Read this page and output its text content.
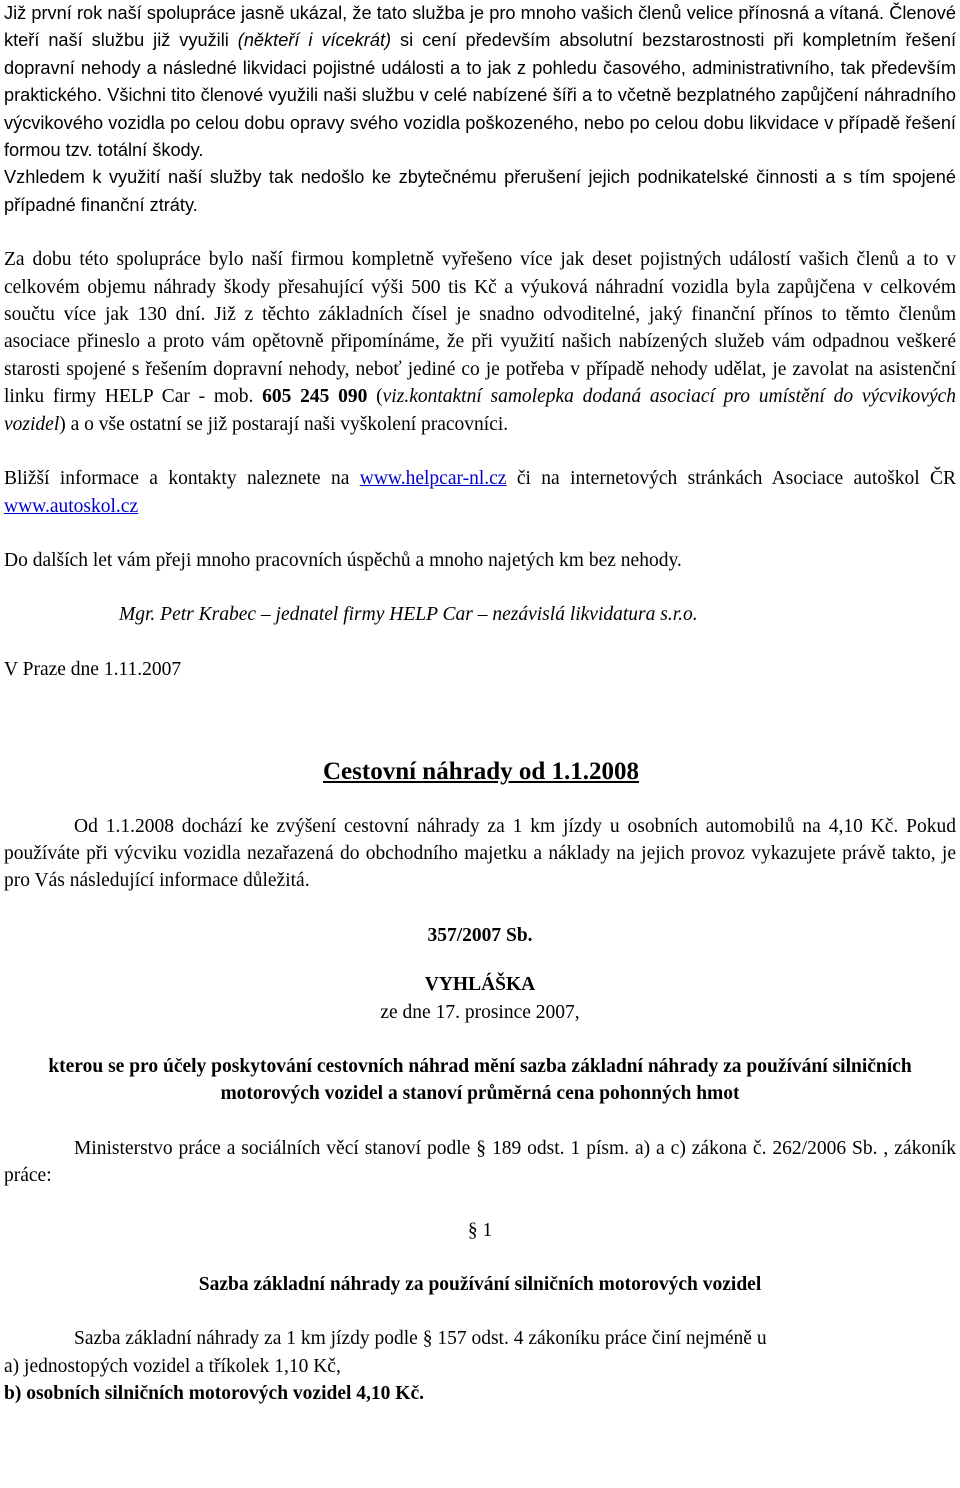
Již první rok naší spolupráce jasně ukázal, že tato služba je pro mnoho vašich členů velice přínosná a vítaná. Členové kteří naší službu již využili (někteří i vícekrát) si cení především absolutní bezstarostnosti při kompletním řešení dopravní nehody a následné likvidaci pojistné události a to jak z pohledu časového, administrativního, tak především praktického. Všichni tito členové využili naši službu v celé nabízené šíři a to včetně bezplatného zapůjčení náhradního výcvikového vozidla po celou dobu opravy svého vozidla poškozeného, nebo po celou dobu likvidace v případě řešení formou tzv. totální škody.

Vzhledem k využití naší služby tak nedošlo ke zbytečnému přerušení jejich podnikatelské činnosti a s tím spojené případné finanční ztráty.

Za dobu této spolupráce bylo naší firmou kompletně vyřešeno více jak deset pojistných událostí vašich členů a to v celkovém objemu náhrady škody přesahující výši 500 tis Kč a výuková náhradní vozidla byla zapůjčena v celkovém součtu více jak 130 dní. Již z těchto základních čísel je snadno odvoditelné, jaký finanční přínos to těmto členům asociace přineslo a proto vám opětovně připomínáme, že při využití našich nabízených služeb vám odpadnou veškeré starosti spojené s řešením dopravní nehody, neboť jediné co je potřeba v případě nehody udělat, je zavolat na asistenční linku firmy HELP Car - mob. 605 245 090 (viz.kontaktní samolepka dodaná asociací pro umístění do výcvikových vozidel) a o vše ostatní se již postarají naši vyškolení pracovníci.

Bližší informace a kontakty naleznete na www.helpcar-nl.cz či na internetových stránkách Asociace autoškol ČR www.autoskol.cz

Do dalších let vám přeji mnoho pracovních úspěchů a mnoho najetých km bez nehody.

Mgr. Petr Krabec – jednatel firmy HELP Car – nezávislá likvidatura s.r.o.

V Praze dne 1.11.2007

Cestovní náhrady od 1.1.2008

Od 1.1.2008 dochází ke zvýšení cestovní náhrady za 1 km jízdy u osobních automobilů na 4,10 Kč. Pokud používáte při výcviku vozidla nezařazená do obchodního majetku a náklady na jejich provoz vykazujete právě takto, je pro Vás následující informace důležitá.

357/2007 Sb.

VYHLÁŠKA

ze dne 17. prosince 2007,

kterou se pro účely poskytování cestovních náhrad mění sazba základní náhrady za používání silničních motorových vozidel a stanoví průměrná cena pohonných hmot

Ministerstvo práce a sociálních věcí stanoví podle § 189 odst. 1 písm. a) a c) zákona č. 262/2006 Sb. , zákoník práce:

§ 1

Sazba základní náhrady za používání silničních motorových vozidel

Sazba základní náhrady za 1 km jízdy podle § 157 odst. 4 zákoníku práce činí nejméně u

a) jednostopých vozidel a tříkolek 1,10 Kč,

b) osobních silničních motorových vozidel 4,10 Kč.
